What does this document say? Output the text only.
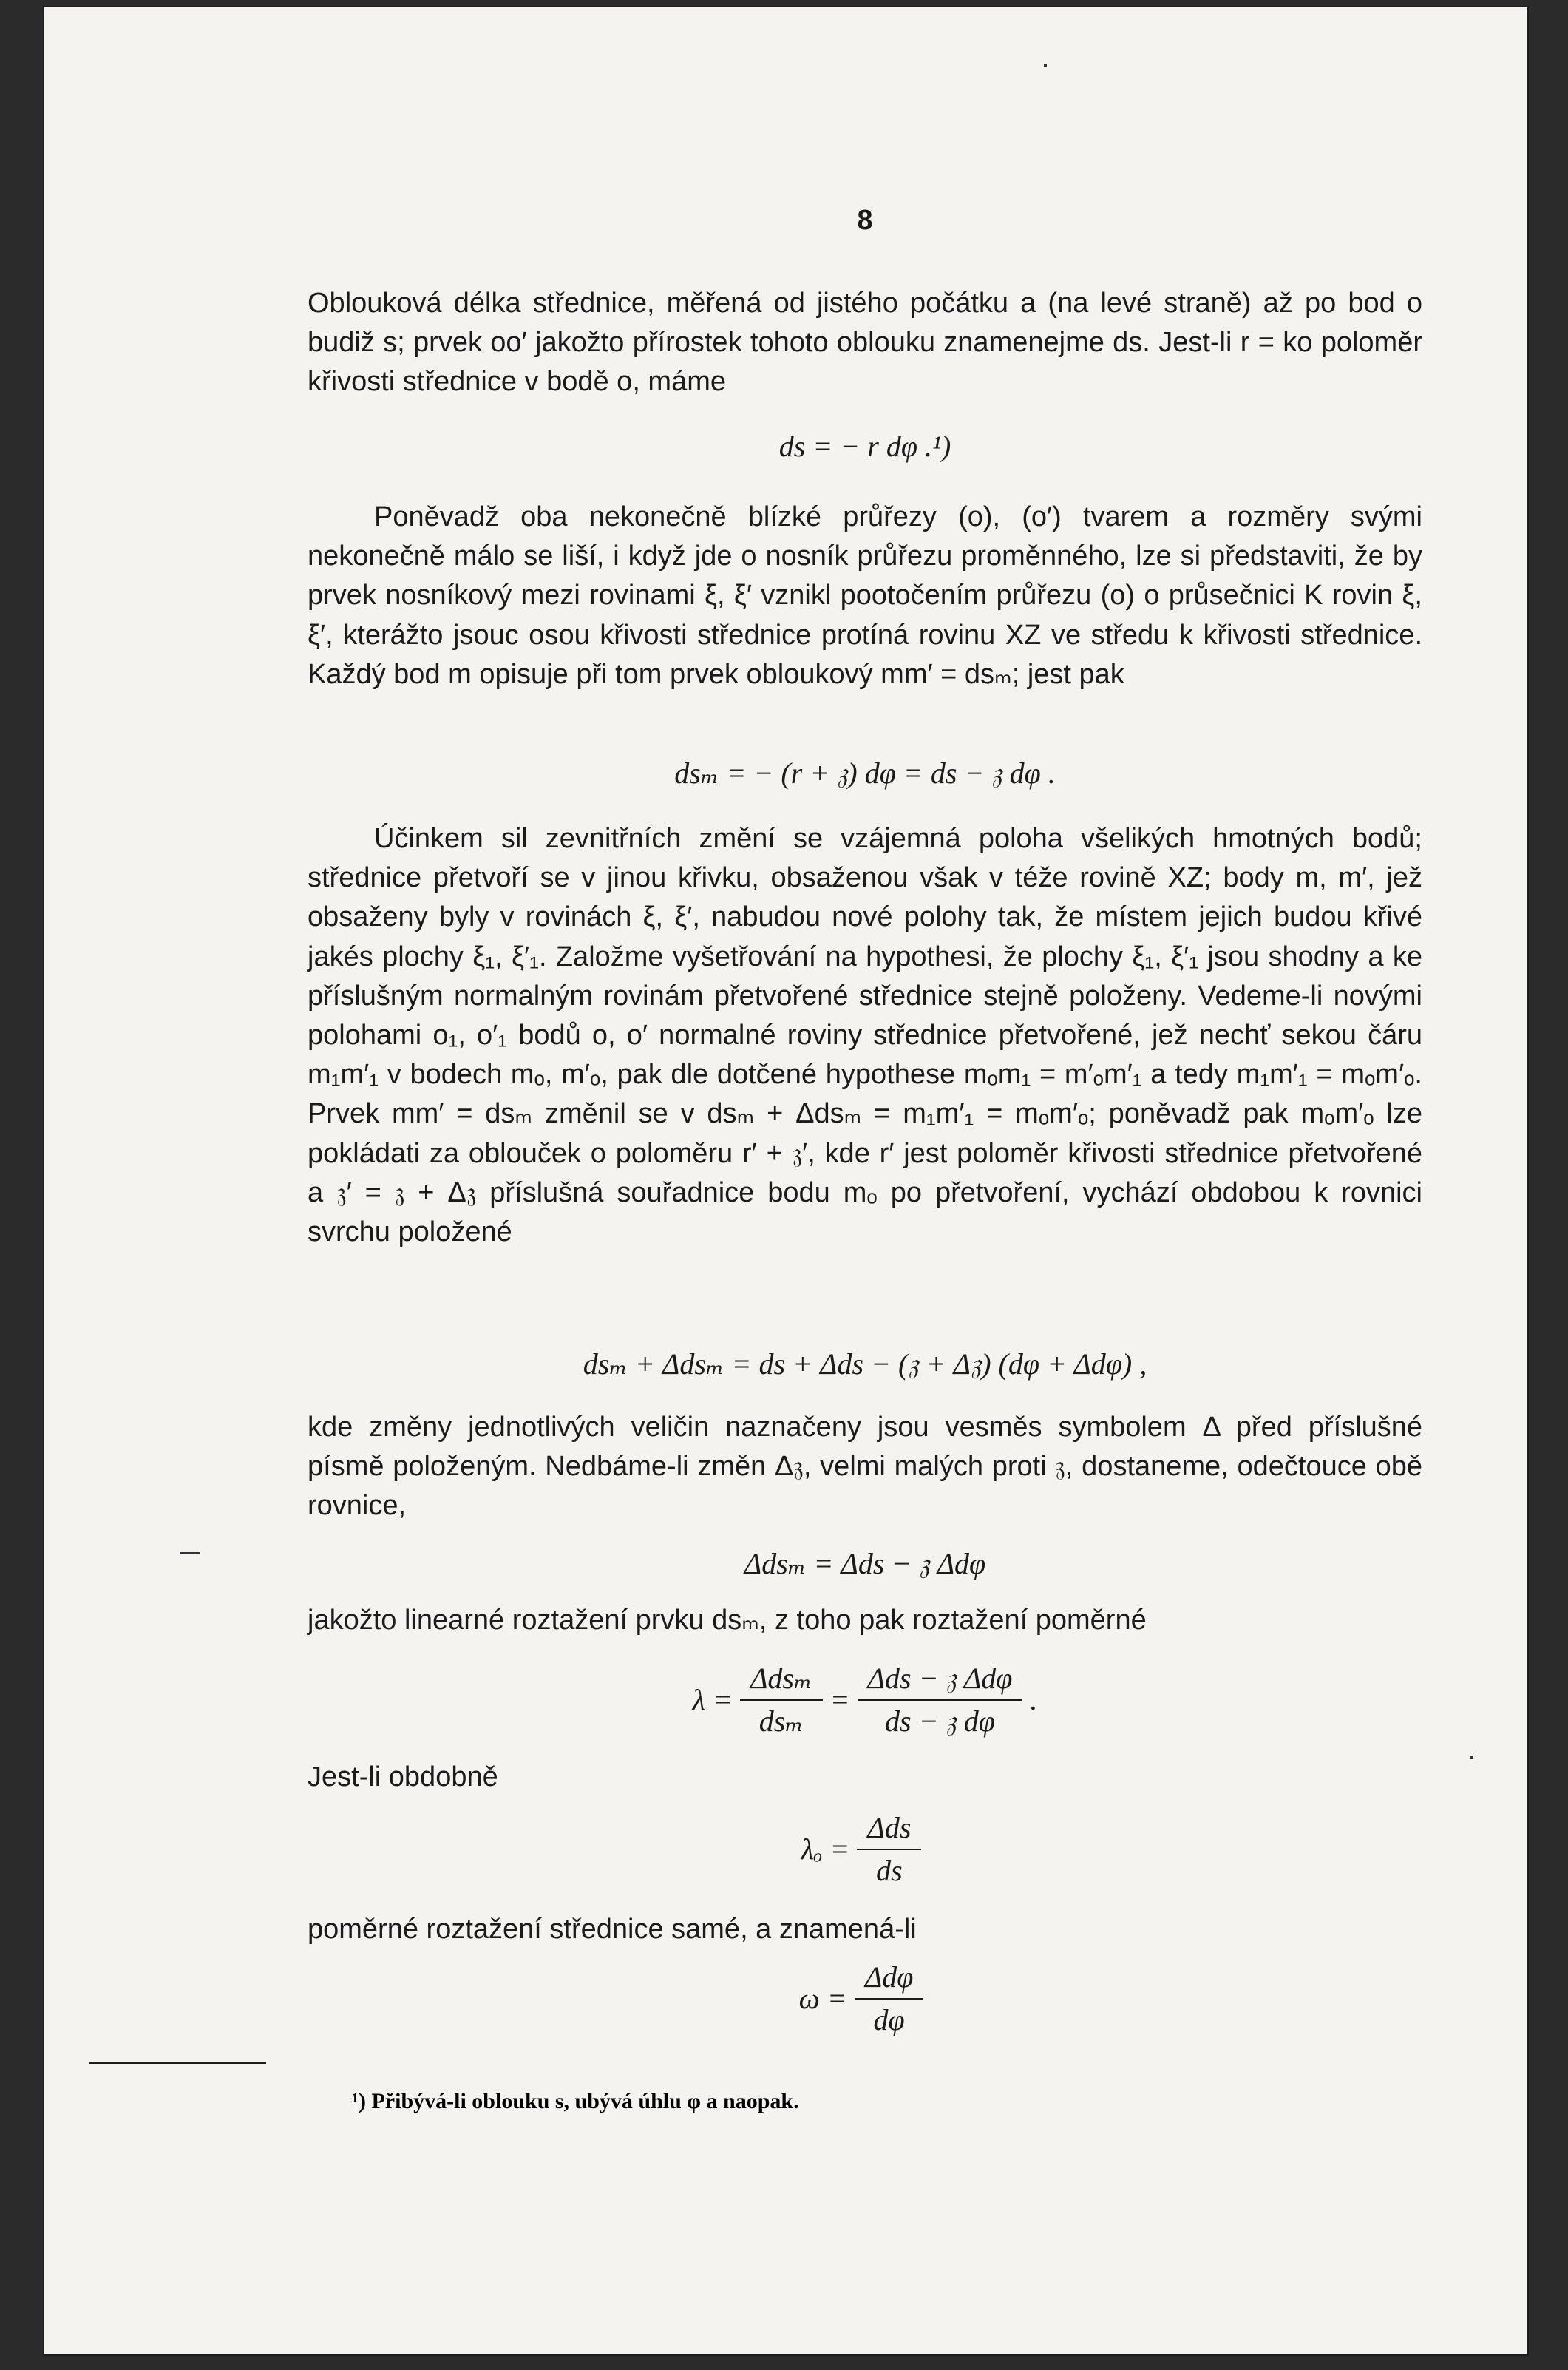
8
Oblouková délka střednice, měřená od jistého počátku a (na levé straně) až po bod o budiž s; prvek oo′ jakožto přírostek tohoto oblouku znamenejme ds. Jest-li r = ko poloměr křivosti střednice v bodě o, máme
ds = − r dφ .¹)
Poněvadž oba nekonečně blízké průřezy (o), (o′) tvarem a rozměry svými nekonečně málo se liší, i když jde o nosník průřezu proměnného, lze si představiti, že by prvek nosníkový mezi rovinami ξ, ξ′ vznikl pootočením průřezu (o) o průsečnici K rovin ξ, ξ′, kterážto jsouc osou křivosti střednice protíná rovinu XZ ve středu k křivosti střednice. Každý bod m opisuje při tom prvek obloukový mm′ = dsₘ; jest pak
dsₘ = − (r + 𝔷) dφ = ds − 𝔷 dφ .
Účinkem sil zevnitřních změní se vzájemná poloha všelikých hmotných bodů; střednice přetvoří se v jinou křivku, obsaženou však v téže rovině XZ; body m, m′, jež obsaženy byly v rovinách ξ, ξ′, nabudou nové polohy tak, že místem jejich budou křivé jakés plochy ξ₁, ξ′₁. Založme vyšetřování na hypothesi, že plochy ξ₁, ξ′₁ jsou shodny a ke příslušným normalným rovinám přetvořené střednice stejně položeny. Vedeme-li novými polohami o₁, o′₁ bodů o, o′ normalné roviny střednice přetvořené, jež nechť sekou čáru m₁m′₁ v bodech mₒ, m′ₒ, pak dle dotčené hypothese mₒm₁ = m′ₒm′₁ a tedy m₁m′₁ = mₒm′ₒ. Prvek mm′ = dsₘ změnil se v dsₘ + Δdsₘ = m₁m′₁ = mₒm′ₒ; poněvadž pak mₒm′ₒ lze pokládati za oblouček o poloměru r′ + 𝔷′, kde r′ jest poloměr křivosti střednice přetvořené a 𝔷′ = 𝔷 + Δ𝔷 příslušná souřadnice bodu mₒ po přetvoření, vychází obdobou k rovnici svrchu položené
dsₘ + Δdsₘ = ds + Δds − (𝔷 + Δ𝔷) (dφ + Δdφ) ,
kde změny jednotlivých veličin naznačeny jsou vesměs symbolem Δ před příslušné písmě položeným. Nedbáme-li změn Δ𝔷, velmi malých proti 𝔷, dostaneme, odečtouce obě rovnice,
Δdsₘ = Δds − 𝔷 Δdφ
jakožto linearné roztažení prvku dsₘ, z toho pak roztažení poměrné
$\lambda = \frac{\text{Δdsₘ}}{\text{dsₘ}} = \frac{\text{Δds − 𝔷 Δdφ}}{\text{ds − 𝔷 dφ}}$ .
Jest-li obdobně
$\lambda_o = \frac{\text{Δds}}{ds}$
poměrné roztažení střednice samé, a znamená-li
$\omega = \frac{\text{Δdφ}}{d\varphi}$
¹) Přibývá-li oblouku s, ubývá úhlu φ a naopak.
